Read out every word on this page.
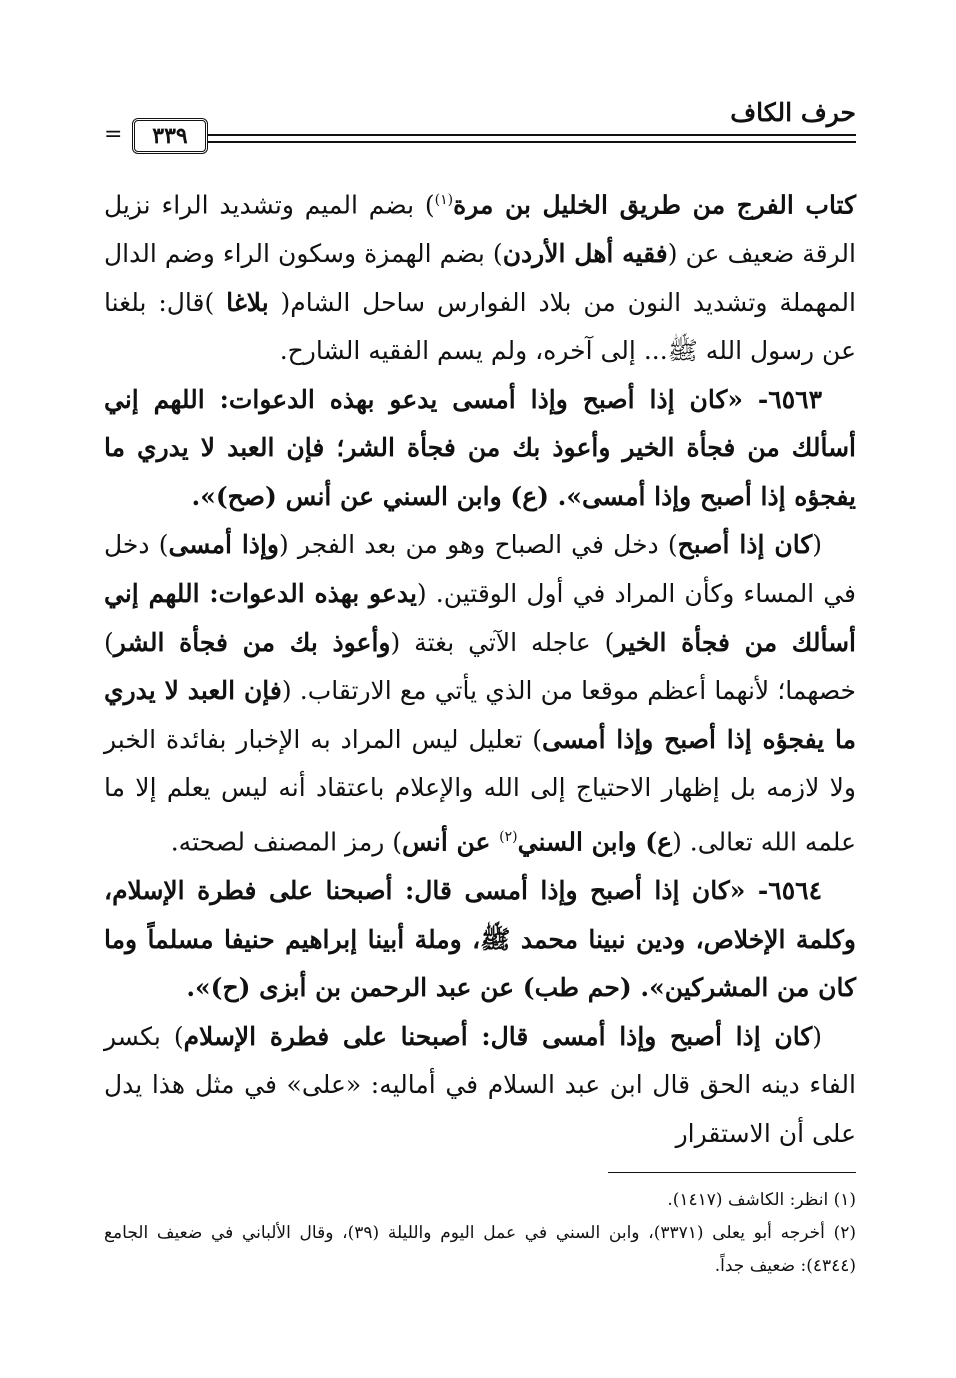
حرف الكاف
٣٣٩
=

كتاب الفرج من طريق الخليل بن مرة$^{(١)}$) بضم الميم وتشديد الراء نزيل الرقة ضعيف عن (فقيه أهل الأردن) بضم الهمزة وسكون الراء وضم الدال المهملة وتشديد النون من بلاد الفوارس ساحل الشام( بلاغا )قال: بلغنا عن رسول الله ﷺ... إلى آخره، ولم يسم الفقيه الشارح.

٦٥٦٣- «كان إذا أصبح وإذا أمسى يدعو بهذه الدعوات: اللهم إني أسألك من فجأة الخير وأعوذ بك من فجأة الشر؛ فإن العبد لا يدري ما يفجؤه إذا أصبح وإذا أمسى». (ع) وابن السني عن أنس (صح)».

(كان إذا أصبح) دخل في الصباح وهو من بعد الفجر (وإذا أمسى) دخل في المساء وكأن المراد في أول الوقتين. (يدعو بهذه الدعوات: اللهم إني أسألك من فجأة الخير) عاجله الآتي بغتة (وأعوذ بك من فجأة الشر) خصهما؛ لأنهما أعظم موقعا من الذي يأتي مع الارتقاب. (فإن العبد لا يدري ما يفجؤه إذا أصبح وإذا أمسى) تعليل ليس المراد به الإخبار بفائدة الخبر ولا لازمه بل إظهار الاحتياج إلى الله والإعلام باعتقاد أنه ليس يعلم إلا ما علمه الله تعالى. (ع) وابن السني$^{(٢)}$ عن أنس) رمز المصنف لصحته.

٦٥٦٤- «كان إذا أصبح وإذا أمسى قال: أصبحنا على فطرة الإسلام، وكلمة الإخلاص، ودين نبينا محمد ﷺ، وملة أبينا إبراهيم حنيفا مسلماً وما كان من المشركين». (حم طب) عن عبد الرحمن بن أبزى (ح)».

(كان إذا أصبح وإذا أمسى قال: أصبحنا على فطرة الإسلام) بكسر الفاء دينه الحق قال ابن عبد السلام في أماليه: «على» في مثل هذا يدل على أن الاستقرار

(١) انظر: الكاشف (١٤١٧).

(٢) أخرجه أبو يعلى (٣٣٧١)، وابن السني في عمل اليوم والليلة (٣٩)، وقال الألباني في ضعيف الجامع (٤٣٤٤): ضعيف جداً.
